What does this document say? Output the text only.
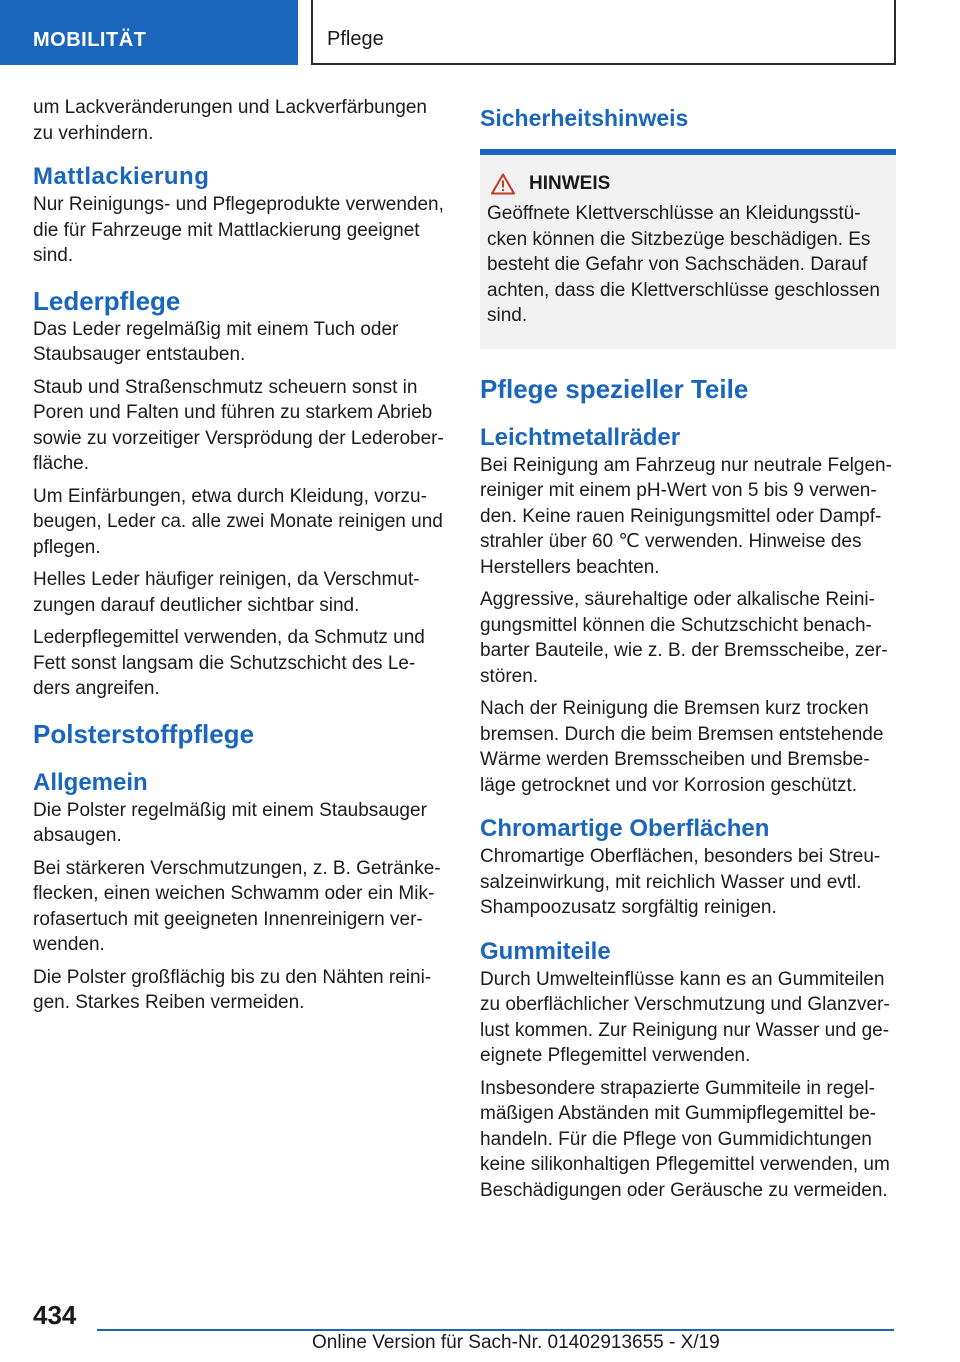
MOBILITÄT	Pflege

um Lackveränderungen und Lackverfärbungen zu verhindern.

Mattlackierung

Nur Reinigungs- und Pflegeprodukte verwenden, die für Fahrzeuge mit Mattlackierung geeignet sind.

Lederpflege

Das Leder regelmäßig mit einem Tuch oder Staubsauger entstauben.

Staub und Straßenschmutz scheuern sonst in Poren und Falten und führen zu starkem Abrieb sowie zu vorzeitiger Versprödung der Lederober- fläche.

Um Einfärbungen, etwa durch Kleidung, vorzu- beugen, Leder ca. alle zwei Monate reinigen und pflegen.

Helles Leder häufiger reinigen, da Verschmut- zungen darauf deutlicher sichtbar sind.

Lederpflegemittel verwenden, da Schmutz und Fett sonst langsam die Schutzschicht des Le- ders angreifen.

Polsterstoffpflege
Allgemein

Die Polster regelmäßig mit einem Staubsauger absaugen.

Bei stärkeren Verschmutzungen, z. B. Getränke- flecken, einen weichen Schwamm oder ein Mik- rofasertuch mit geeigneten Innenreinigern ver- wenden.

Die Polster großflächig bis zu den Nähten reini- gen. Starkes Reiben vermeiden.

Sicherheitshinweis
HINWEIS

Geöffnete Klettverschlüsse an Kleidungsstü- cken können die Sitzbezüge beschädigen. Es besteht die Gefahr von Sachschäden. Darauf achten, dass die Klettverschlüsse geschlossen sind.

Pflege spezieller Teile
Leichtmetallräder

Bei Reinigung am Fahrzeug nur neutrale Felgen- reiniger mit einem pH-Wert von 5 bis 9 verwen- den. Keine rauen Reinigungsmittel oder Dampf- strahler über 60 ℃ verwenden. Hinweise des Herstellers beachten.

Aggressive, säurehaltige oder alkalische Reini- gungsmittel können die Schutzschicht benach- barter Bauteile, wie z. B. der Bremsscheibe, zer- stören.

Nach der Reinigung die Bremsen kurz trocken bremsen. Durch die beim Bremsen entstehende Wärme werden Bremsscheiben und Bremsbe- läge getrocknet und vor Korrosion geschützt.

Chromartige Oberflächen

Chromartige Oberflächen, besonders bei Streu- salzeinwirkung, mit reichlich Wasser und evtl. Shampoozusatz sorgfältig reinigen.

Gummiteile

Durch Umwelteinflüsse kann es an Gummiteilen zu oberflächlicher Verschmutzung und Glanzver- lust kommen. Zur Reinigung nur Wasser und ge- eignete Pflegemittel verwenden.

Insbesondere strapazierte Gummiteile in regel- mäßigen Abständen mit Gummipflegemittel be- handeln. Für die Pflege von Gummidichtungen keine silikonhaltigen Pflegemittel verwenden, um Beschädigungen oder Geräusche zu vermeiden.

434
Online Version für Sach-Nr. 01402913655 - X/19
